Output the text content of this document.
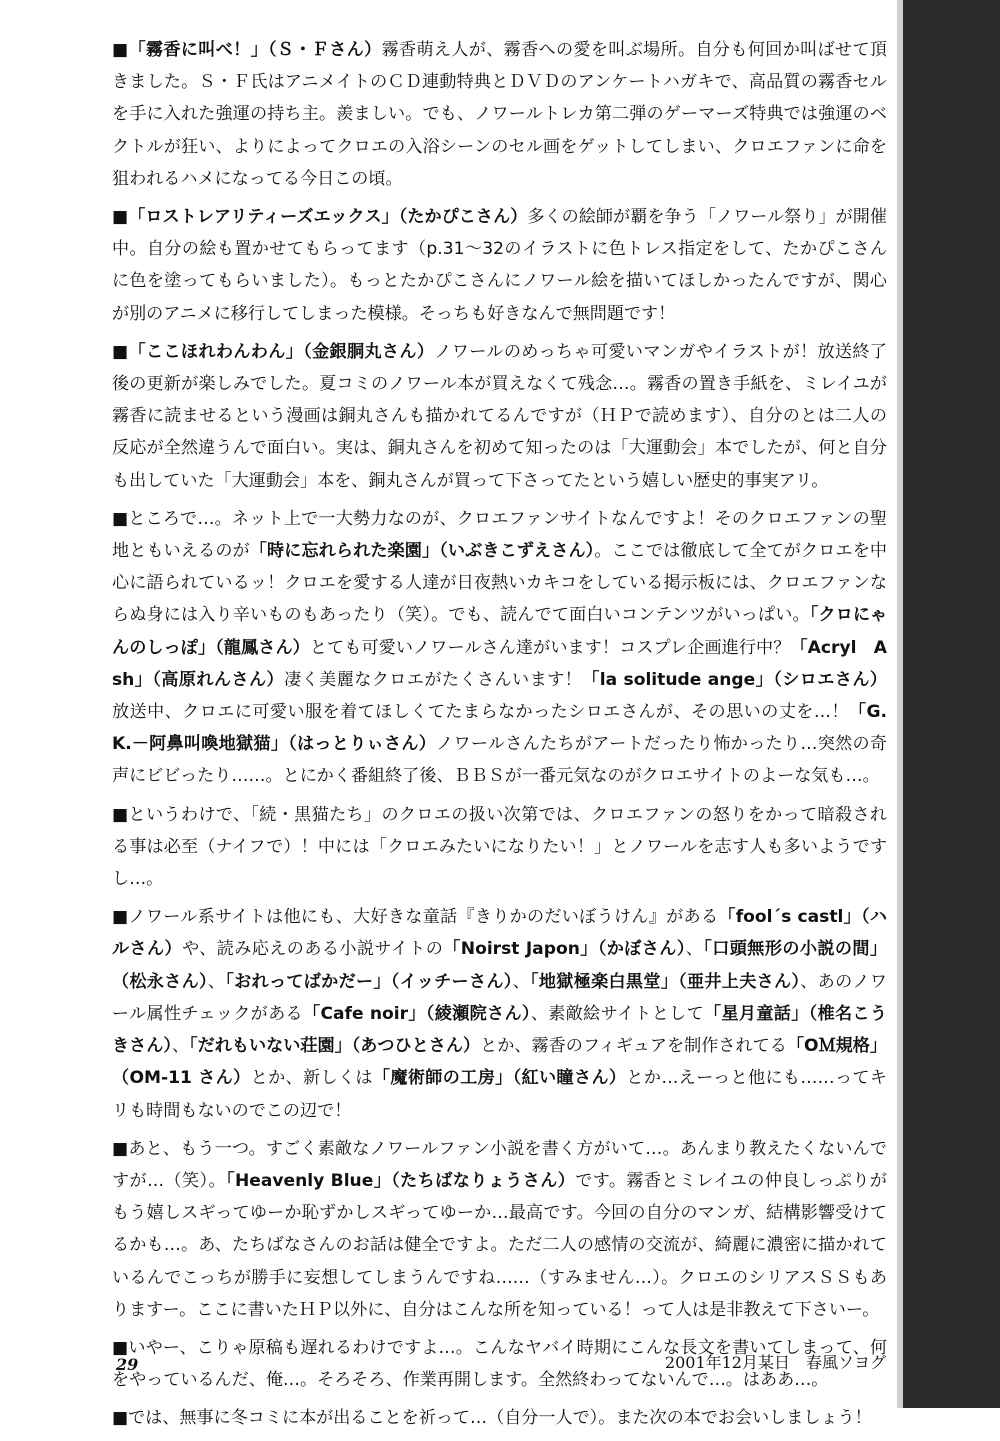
■「霧香に叫べ！」（Ｓ・Ｆさん）霧香萌え人が、霧香への愛を叫ぶ場所。自分も何回か叫ばせて頂きました。Ｓ・Ｆ氏はアニメイトのＣＤ連動特典とＤＶＤのアンケートハガキで、高品質の霧香セルを手に入れた強運の持ち主。羨ましい。でも、ノワールトレカ第二弾のゲーマーズ特典では強運のベクトルが狂い、よりによってクロエの入浴シーンのセル画をゲットしてしまい、クロエファンに命を狙われるハメになってる今日この頃。

■「ロストレアリティーズエックス」（たかぴこさん）多くの絵師が覇を争う「ノワール祭り」が開催中。自分の絵も置かせてもらってます（p.31～32のイラストに色トレス指定をして、たかぴこさんに色を塗ってもらいました）。もっとたかぴこさんにノワール絵を描いてほしかったんですが、関心が別のアニメに移行してしまった模様。そっちも好きなんで無問題です！

■「ここほれわんわん」（金銀胴丸さん）ノワールのめっちゃ可愛いマンガやイラストが！放送終了後の更新が楽しみでした。夏コミのノワール本が買えなくて残念…。霧香の置き手紙を、ミレイユが霧香に読ませるという漫画は銅丸さんも描かれてるんですが（ＨＰで読めます）、自分のとは二人の反応が全然違うんで面白い。実は、銅丸さんを初めて知ったのは「大運動会」本でしたが、何と自分も出していた「大運動会」本を、銅丸さんが買って下さってたという嬉しい歴史的事実アリ。

■ところで…。ネット上で一大勢力なのが、クロエファンサイトなんですよ！そのクロエファンの聖地ともいえるのが「時に忘れられた楽園」（いぶきこずえさん）。ここでは徹底して全てがクロエを中心に語られているッ！クロエを愛する人達が日夜熱いカキコをしている掲示板には、クロエファンならぬ身には入り辛いものもあったり（笑）。でも、読んでて面白いコンテンツがいっぱい。「クロにゃんのしっぽ」（龍鳳さん）とても可愛いノワールさん達がいます！コスプレ企画進行中？「Acryl　Ash」（高原れんさん）凄く美麗なクロエがたくさんいます！「la solitude ange」（シロエさん）放送中、クロエに可愛い服を着てほしくてたまらなかったシロエさんが、その思いの丈を…！「G.K.－阿鼻叫喚地獄猫」（はっとりぃさん）ノワールさんたちがアートだったり怖かったり…突然の奇声にビビったり……。とにかく番組終了後、ＢＢＳが一番元気なのがクロエサイトのよーな気も…。

■というわけで、「続・黒猫たち」のクロエの扱い次第では、クロエファンの怒りをかって暗殺される事は必至（ナイフで）！中には「クロエみたいになりたい！」とノワールを志す人も多いようですし…。

■ノワール系サイトは他にも、大好きな童話『きりかのだいぼうけん』がある「fool´s castl」（ハルさん）や、読み応えのある小説サイトの「Noirst Japon」（かぼさん）、「口頭無形の小説の間」（松永さん）、「おれってばかだー」（イッチーさん）、「地獄極楽白黒堂」（亜井上夫さん）、あのノワール属性チェックがある「Cafe noir」（綾瀬院さん）、素敵絵サイトとして「星月童話」（椎名こうきさん）、「だれもいない荘園」（あつひとさん）とか、霧香のフィギュアを制作されてる「ОＭ規格」（OM-11 さん）とか、新しくは「魔術師の工房」（紅い瞳さん）とか…えーっと他にも……ってキリも時間もないのでこの辺で！

■あと、もう一つ。すごく素敵なノワールファン小説を書く方がいて…。あんまり教えたくないんですが…（笑）。「Heavenly Blue」（たちばなりょうさん）です。霧香とミレイユの仲良しっぷりがもう嬉しスギってゆーか恥ずかしスギってゆーか…最高です。今回の自分のマンガ、結構影響受けてるかも…。あ、たちばなさんのお話は健全ですよ。ただ二人の感情の交流が、綺麗に濃密に描かれているんでこっちが勝手に妄想してしまうんですね……（すみません…）。クロエのシリアスＳＳもありますー。ここに書いたＨＰ以外に、自分はこんな所を知っている！って人は是非教えて下さいー。

■いやー、こりゃ原稿も遅れるわけですよ…。こんなヤバイ時期にこんな長文を書いてしまって、何をやっているんだ、俺…。そろそろ、作業再開します。全然終わってないんで…。はああ…。

■では、無事に冬コミに本が出ることを祈って…（自分一人で）。また次の本でお会いしましょう！

29	2001年12月某日　春風ソヨグ
